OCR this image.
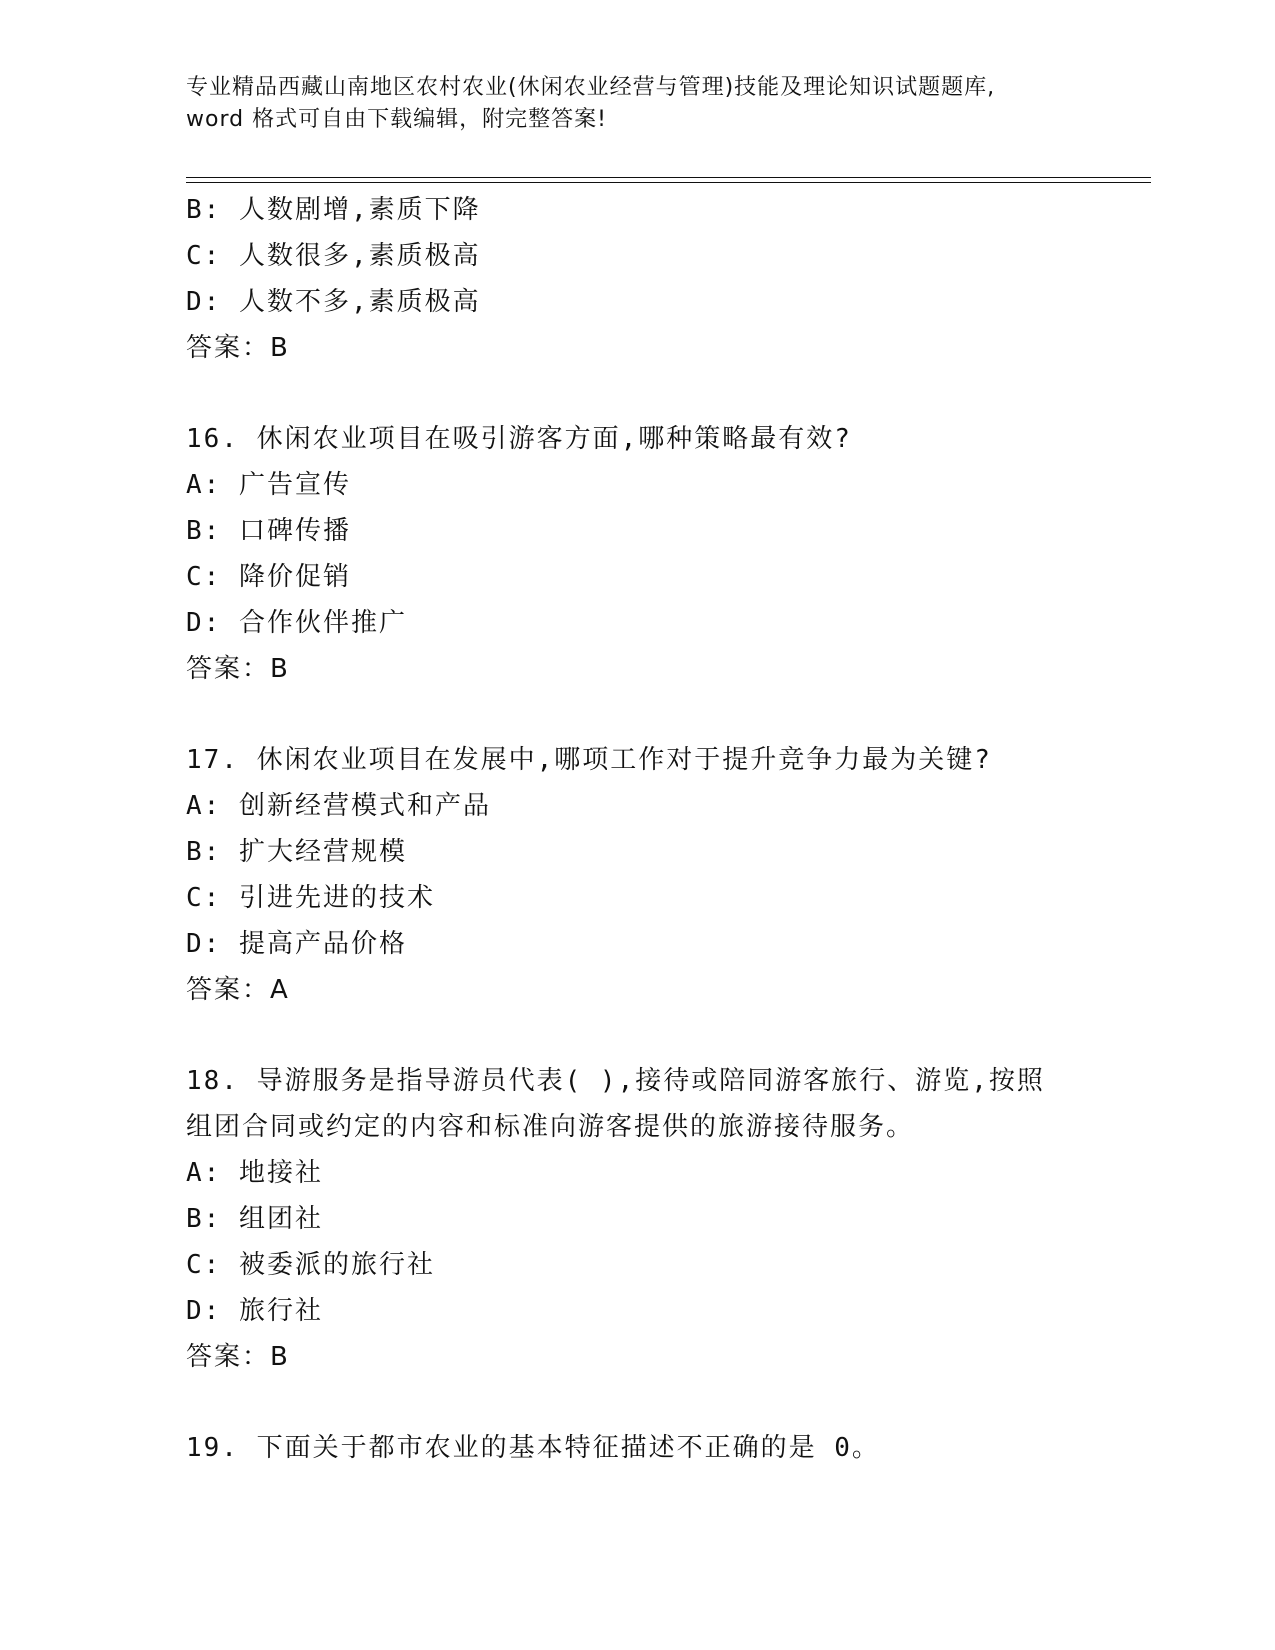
专业精品西藏山南地区农村农业(休闲农业经营与管理)技能及理论知识试题题库,
word 格式可自由下载编辑，附完整答案!
B: 人数剧增,素质下降
C: 人数很多,素质极高
D: 人数不多,素质极高
答案：B
16. 休闲农业项目在吸引游客方面,哪种策略最有效?
A: 广告宣传
B: 口碑传播
C: 降价促销
D: 合作伙伴推广
答案：B
17. 休闲农业项目在发展中,哪项工作对于提升竞争力最为关键?
A: 创新经营模式和产品
B: 扩大经营规模
C: 引进先进的技术
D: 提高产品价格
答案：A
18. 导游服务是指导游员代表( ),接待或陪同游客旅行、游览,按照
组团合同或约定的内容和标准向游客提供的旅游接待服务。
A: 地接社
B: 组团社
C: 被委派的旅行社
D: 旅行社
答案：B
19. 下面关于都市农业的基本特征描述不正确的是 0。
